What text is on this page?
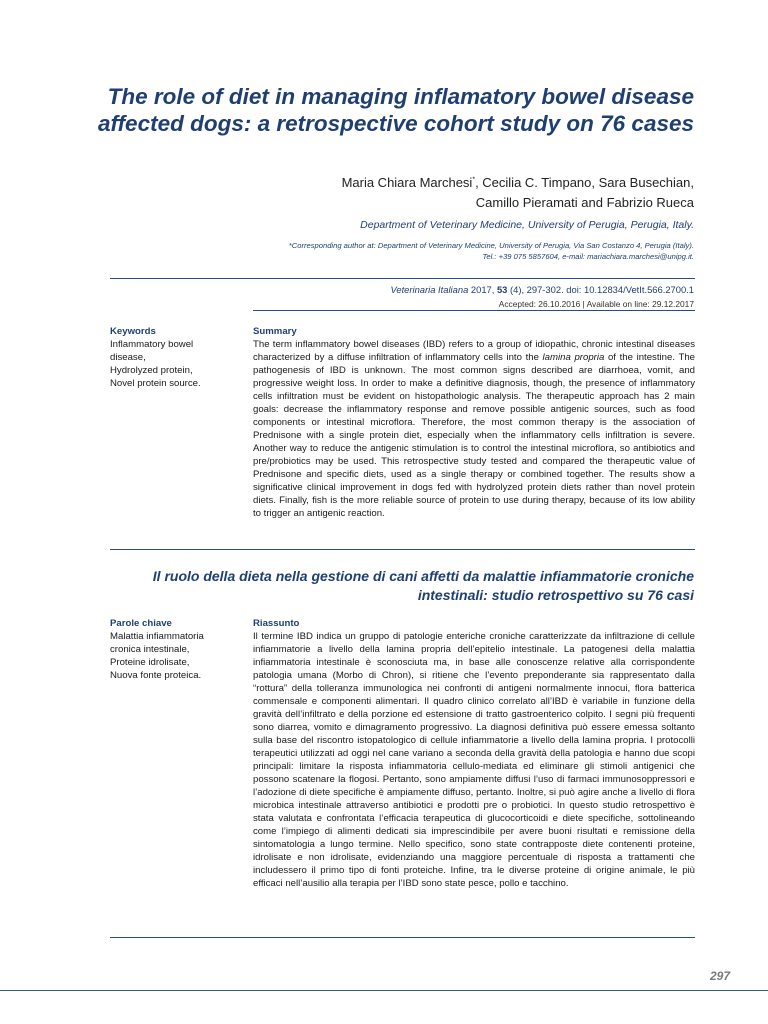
The role of diet in managing inflamatory bowel disease affected dogs: a retrospective cohort study on 76 cases
Maria Chiara Marchesi*, Cecilia C. Timpano, Sara Busechian,
Camillo Pieramati and Fabrizio Rueca
Department of Veterinary Medicine, University of Perugia, Perugia, Italy.
*Corresponding author at: Department of Veterinary Medicine, University of Perugia, Via San Costanzo 4, Perugia (Italy).
Tel.: +39 075 5857604, e-mail: mariachiara.marchesi@unipg.it.
Veterinaria Italiana 2017, 53 (4), 297-302. doi: 10.12834/VetIt.566.2700.1
Accepted: 26.10.2016 | Available on line: 29.12.2017
Keywords
Inflammatory bowel
disease,
Hydrolyzed protein,
Novel protein source.
Summary
The term inflammatory bowel diseases (IBD) refers to a group of idiopathic, chronic intestinal diseases characterized by a diffuse infiltration of inflammatory cells into the lamina propria of the intestine. The pathogenesis of IBD is unknown. The most common signs described are diarrhoea, vomit, and progressive weight loss. In order to make a definitive diagnosis, though, the presence of inflammatory cells infiltration must be evident on histopathologic analysis. The therapeutic approach has 2 main goals: decrease the inflammatory response and remove possible antigenic sources, such as food components or intestinal microflora. Therefore, the most common therapy is the association of Prednisone with a single protein diet, especially when the inflammatory cells infiltration is severe. Another way to reduce the antigenic stimulation is to control the intestinal microflora, so antibiotics and pre/probiotics may be used. This retrospective study tested and compared the therapeutic value of Prednisone and specific diets, used as a single therapy or combined together. The results show a significative clinical improvement in dogs fed with hydrolyzed protein diets rather than novel protein diets. Finally, fish is the more reliable source of protein to use during therapy, because of its low ability to trigger an antigenic reaction.
Il ruolo della dieta nella gestione di cani affetti da malattie infiammatorie croniche intestinali: studio retrospettivo su 76 casi
Parole chiave
Malattia infiammatoria
cronica intestinale,
Proteine idrolisate,
Nuova fonte proteica.
Riassunto
Il termine IBD indica un gruppo di patologie enteriche croniche caratterizzate da infiltrazione di cellule infiammatorie a livello della lamina propria dell’epitelio intestinale. La patogenesi della malattia infiammatoria intestinale è sconosciuta ma, in base alle conoscenze relative alla corrispondente patologia umana (Morbo di Chron), si ritiene che l’evento preponderante sia rappresentato dalla “rottura” della tolleranza immunologica nei confronti di antigeni normalmente innocui, flora batterica commensale e componenti alimentari. Il quadro clinico correlato all’IBD è variabile in funzione della gravità dell’infiltrato e della porzione ed estensione di tratto gastroenterico colpito. I segni più frequenti sono diarrea, vomito e dimagramento progressivo. La diagnosi definitiva può essere emessa soltanto sulla base del riscontro istopatologico di cellule infiammatorie a livello della lamina propria. I protocolli terapeutici utilizzati ad oggi nel cane variano a seconda della gravità della patologia e hanno due scopi principali: limitare la risposta infiammatoria cellulo-mediata ed eliminare gli stimoli antigenici che possono scatenare la flogosi. Pertanto, sono ampiamente diffusi l’uso di farmaci immunosoppressori e l’adozione di diete specifiche è ampiamente diffuso, pertanto. Inoltre, si può agire anche a livello di flora microbica intestinale attraverso antibiotici e prodotti pre o probiotici. In questo studio retrospettivo è stata valutata e confrontata l’efficacia terapeutica di glucocorticoidi e diete specifiche, sottolineando come l’impiego di alimenti dedicati sia imprescindibile per avere buoni risultati e remissione della sintomatologia a lungo termine. Nello specifico, sono state contrapposte diete contenenti proteine, idrolisate e non idrolisate, evidenziando una maggiore percentuale di risposta a trattamenti che includessero il primo tipo di fonti proteiche. Infine, tra le diverse proteine di origine animale, le più efficaci nell’ausilio alla terapia per l’IBD sono state pesce, pollo e tacchino.
297
